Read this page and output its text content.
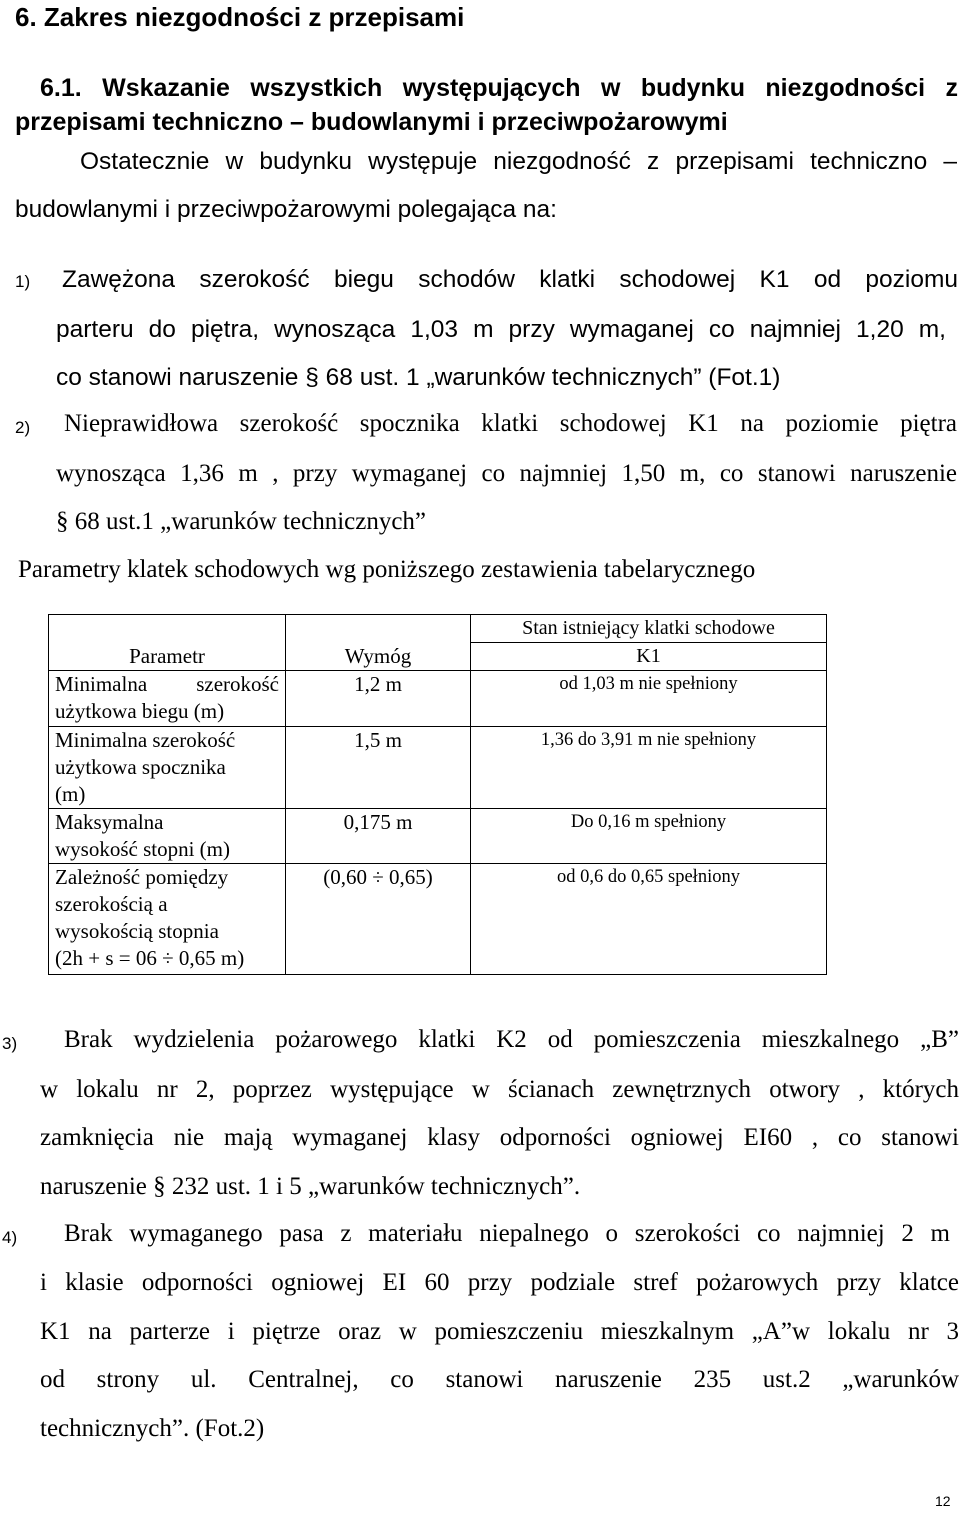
6. Zakres niezgodności z przepisami
6.1. Wskazanie wszystkich występujących w budynku niezgodności z
przepisami techniczno – budowlanymi i przeciwpożarowymi
Ostatecznie w budynku występuje niezgodność z przepisami techniczno –
budowlanymi i przeciwpożarowymi polegająca na:
1) Zawężona szerokość biegu schodów klatki schodowej K1 od poziomu
parteru do piętra, wynosząca 1,03 m przy wymaganej co najmniej 1,20 m,
co stanowi naruszenie § 68 ust. 1 „warunków technicznych” (Fot.1)
2) Nieprawidłowa szerokość spocznika klatki schodowej K1 na poziomie piętra
wynosząca 1,36 m , przy wymaganej co najmniej 1,50 m, co stanowi naruszenie
§ 68 ust.1 „warunków technicznych”
Parametry klatek schodowych wg poniższego zestawienia tabelarycznego
Parametr	Wymóg	Stan istniejący klatki schodowe
K1

Minimalna szerokość
użytkowa biegu (m)	1,2 m	od 1,03 m nie spełniony

Minimalna szerokość
użytkowa spocznika
(m)	1,5 m	1,36 do 3,91 m nie spełniony

Maksymalna
wysokość stopni (m)	0,175 m	Do 0,16 m spełniony

Zależność pomiędzy
szerokością a
wysokością stopnia
(2h + s = 06 ÷ 0,65 m)	(0,60 ÷ 0,65)	od 0,6 do 0,65 spełniony
3) Brak wydzielenia pożarowego klatki K2 od pomieszczenia mieszkalnego „B”
w lokalu nr 2, poprzez występujące w ścianach zewnętrznych otwory , których
zamknięcia nie mają wymaganej klasy odporności ogniowej EI60 , co stanowi
naruszenie § 232 ust. 1 i 5 „warunków technicznych”.
4) Brak wymaganego pasa z materiału niepalnego o szerokości co najmniej 2 m
i klasie odporności ogniowej EI 60 przy podziale stref pożarowych przy klatce
K1 na parterze i piętrze oraz w pomieszczeniu mieszkalnym „A”w lokalu nr 3
od strony ul. Centralnej, co stanowi naruszenie 235 ust.2 „warunków
technicznych”. (Fot.2)
12
